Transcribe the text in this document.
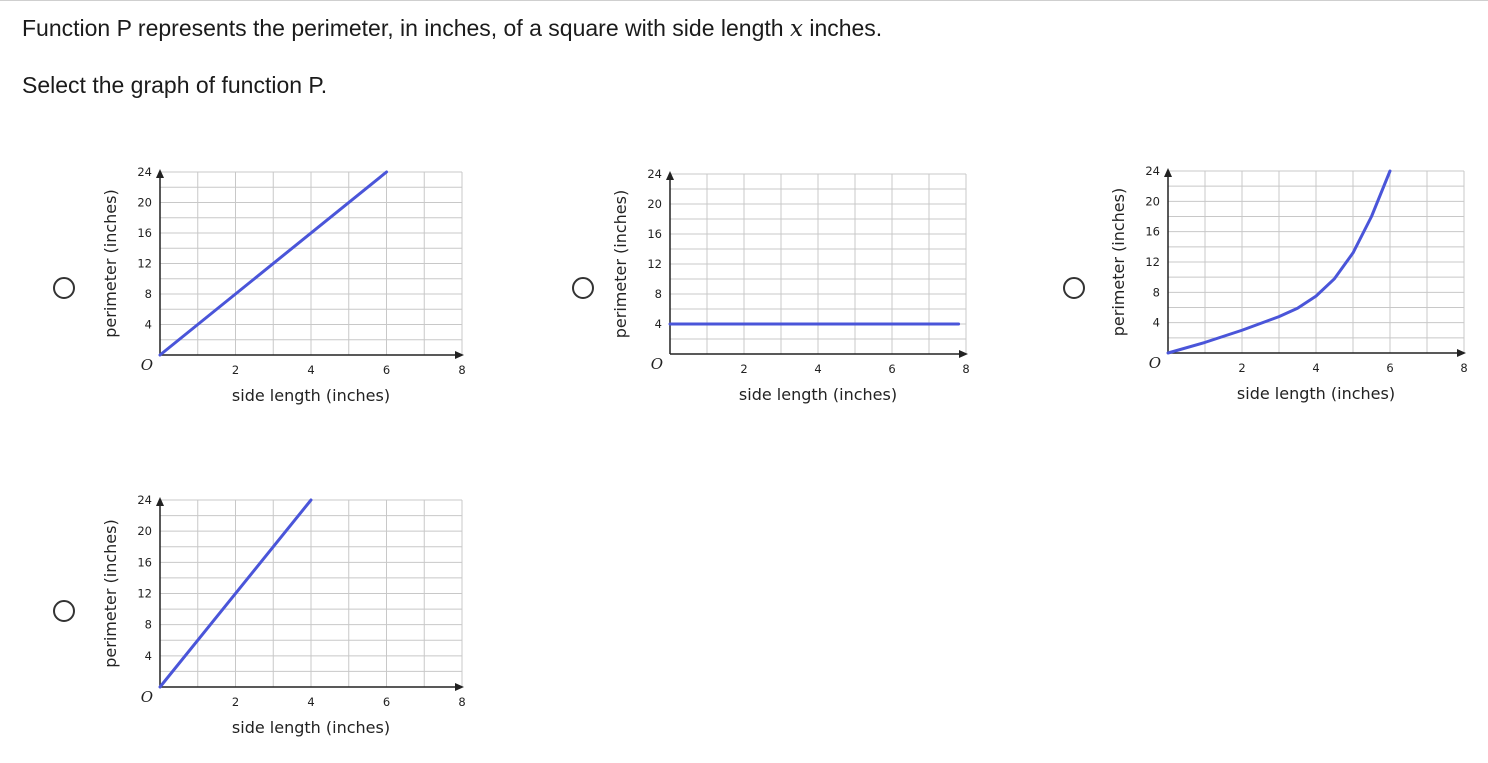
Function P represents the perimeter, in inches, of a square with side length x inches.
Select the graph of function P.
2	4	6	8
4
8
12
16
20
24
O
side length (inches)
perimeter (inches)
2	4	6	8
4
8
12
16
20
24
O
side length (inches)
perimeter (inches)
2	4	6	8
4
8
12
16
20
24
O
side length (inches)
perimeter (inches)
2	4	6	8
4
8
12
16
20
24
O
side length (inches)
perimeter (inches)
